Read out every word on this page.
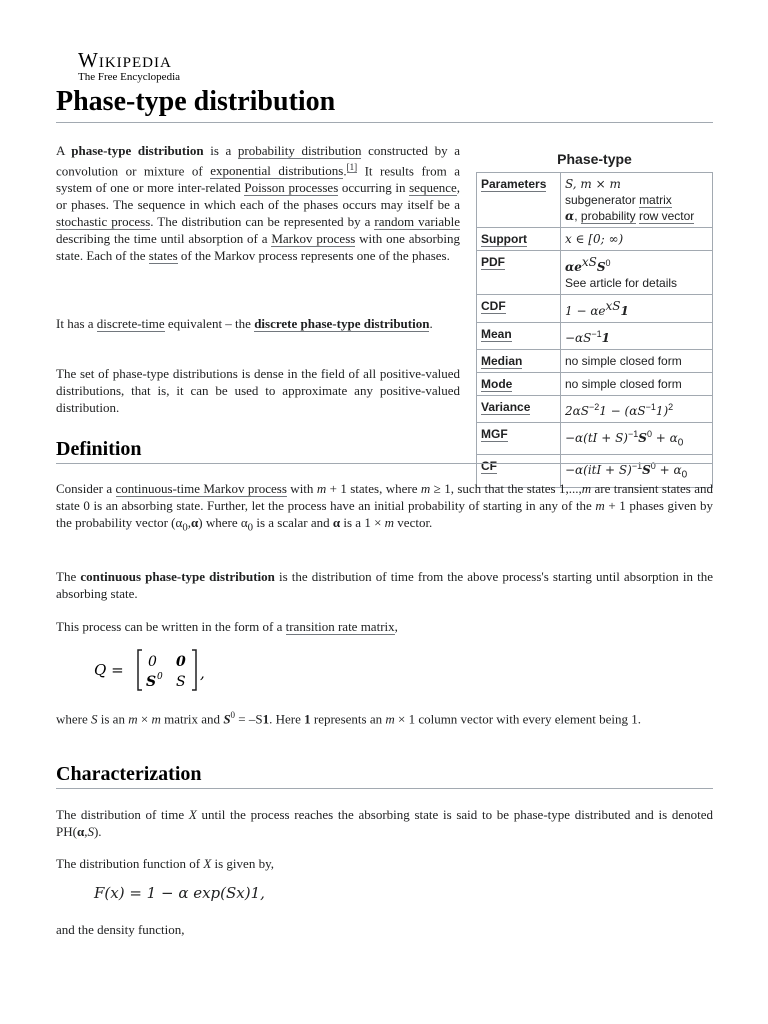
Wikipedia
The Free Encyclopedia
Phase-type distribution

A phase-type distribution is a probability distribution constructed by a convolution or mixture of exponential distributions.[1] It results from a system of one or more inter-related Poisson processes occurring in sequence, or phases. The sequence in which each of the phases occurs may itself be a stochastic process. The distribution can be represented by a random variable describing the time until absorption of a Markov process with one absorbing state. Each of the states of the Markov process represents one of the phases.

It has a discrete-time equivalent – the discrete phase-type distribution.

The set of phase-type distributions is dense in the field of all positive-valued distributions, that is, it can be used to approximate any positive-valued distribution.

Phase-type
Parameters	S, m × m
subgenerator matrix
α, probability row vector
Support	x ∈ [0; ∞)
PDF	$\alpha e^{xS}S^0$
See article for details
CDF	$1 - \alpha e^{xS}1$
Mean	$-\alpha S^{-1}1$
Median	no simple closed form
Mode	no simple closed form
Variance	$2\alpha S^{-2}1 - (\alpha S^{-1}1)^2$
MGF	$-\alpha(tI + S)^{-1}S^0 + \alpha_0$
CF	$-\alpha(itI + S)^{-1}S^0 + \alpha_0$
Definition

Consider a continuous-time Markov process with m + 1 states, where m ≥ 1, such that the states 1,...,m are transient states and state 0 is an absorbing state. Further, let the process have an initial probability of starting in any of the m + 1 phases given by the probability vector $(\alpha_0,\alpha)$ where $\alpha_0$ is a scalar and α is a 1 × m vector.

The continuous phase-type distribution is the distribution of time from the above process's starting until absorption in the absorbing state.

This process can be written in the form of a transition rate matrix,

Q = 0 0
S 0 S ,

where S is an m × m matrix and $S^0 = -S1$. Here 1 represents an m × 1 column vector with every element being 1.

Characterization

The distribution of time X until the process reaches the absorbing state is said to be phase-type distributed and is denoted PH(α,S).

The distribution function of X is given by,

F(x) = 1 − α exp(Sx)1,

and the density function,
